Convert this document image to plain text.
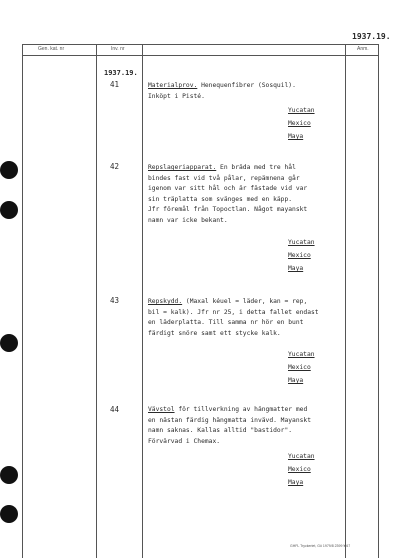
1937.19.
Gen. kat. nr	Inv. nr	Anm.
1937.19.
41	Materialprov. Henequenfibrer (Sosquil).

Inköpt i Pisté.

Yucatan
Mexico
Maya
42	Repslageriapparat. En bräda med tre hål

bindes fast vid två pålar, repämnena går

igenom var sitt hål och är fästade vid var

sin träplatta som svänges med en käpp.

Jfr föremål från Topoctlan. Något mayanskt

namn var icke bekant.

Yucatan
Mexico
Maya
43	Repskydd. (Maxal kéuel = läder, kan = rep,

bil = kalk). Jfr nr 25, i detta fallet endast

en läderplatta. Till samma nr hör en bunt

färdigt snöre samt ett stycke kalk.

Yucatan
Mexico
Maya
44	Vävstol för tillverkning av hängmatter med

en nästan färdig hängmatta invävd. Mayanskt

namn saknas. Kallas alltid "bastidor".

Förvärvad i Chemax.

Yucatan
Mexico
Maya
GHFL Tryckeriet, Gö 1979/8 2399 ¥ 67
